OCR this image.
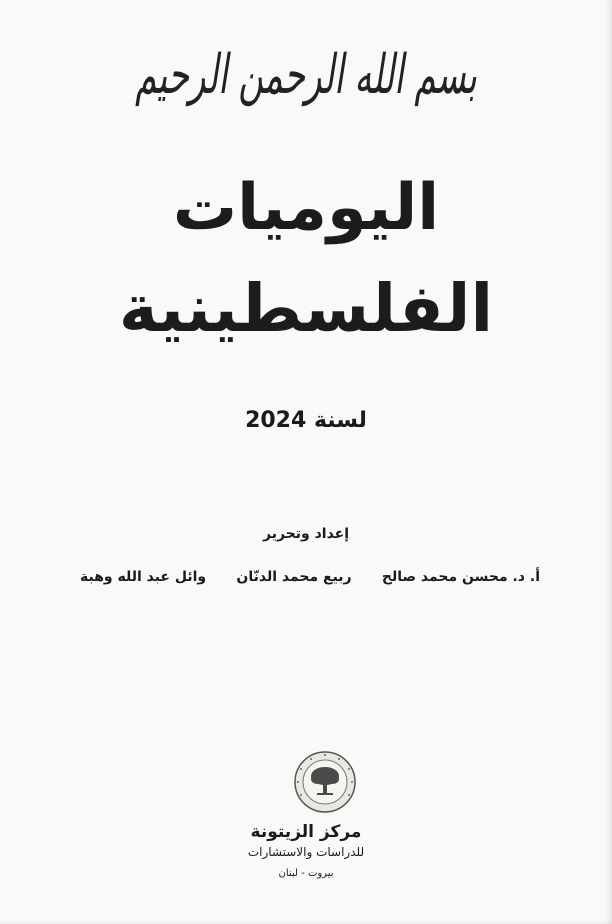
بسم الله الرحمن الرحيم
اليوميات
الفلسطينية
لسنة 2024
إعداد وتحرير
أ. د. محسن محمد صالح
ربيع محمد الدنّان
وائل عبد الله وهبة
مركز الزيتونة
للدراسات والاستشارات
بيروت - لبنان
